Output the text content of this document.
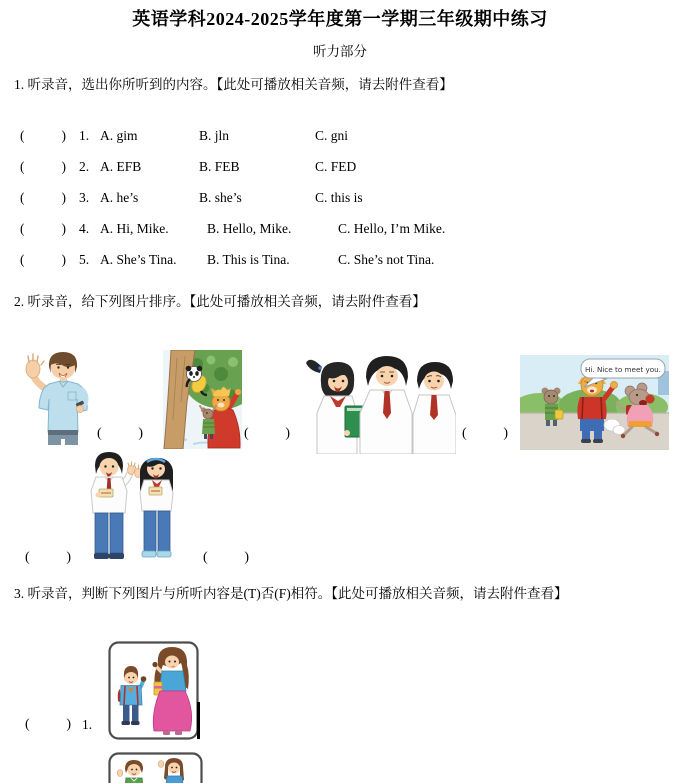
英语学科2024-2025学年度第一学期三年级期中练习
听力部分
1. 听录音，选出你所听到的内容。【此处可播放相关音频，请去附件查看】
(	) 1. A. gim	B. jln	C. gni
(	) 2. A. EFB	B. FEB	C. FED
(	) 3. A. he’s	B. she’s	C. this is
(	) 4. A. Hi, Mike.	B. Hello, Mike.	C. Hello, I’m Mike.
(	) 5. A. She’s Tina.	B. This is Tina.	C. She’s not Tina.
2. 听录音，给下列图片排序。【此处可播放相关音频，请去附件查看】
Hi. Nice to meet you.
(	)	(	)	(	)
(	)	(	)
3. 听录音，判断下列图片与所听内容是(T)否(F)相符。【此处可播放相关音频，请去附件查看】
(	) 1.
